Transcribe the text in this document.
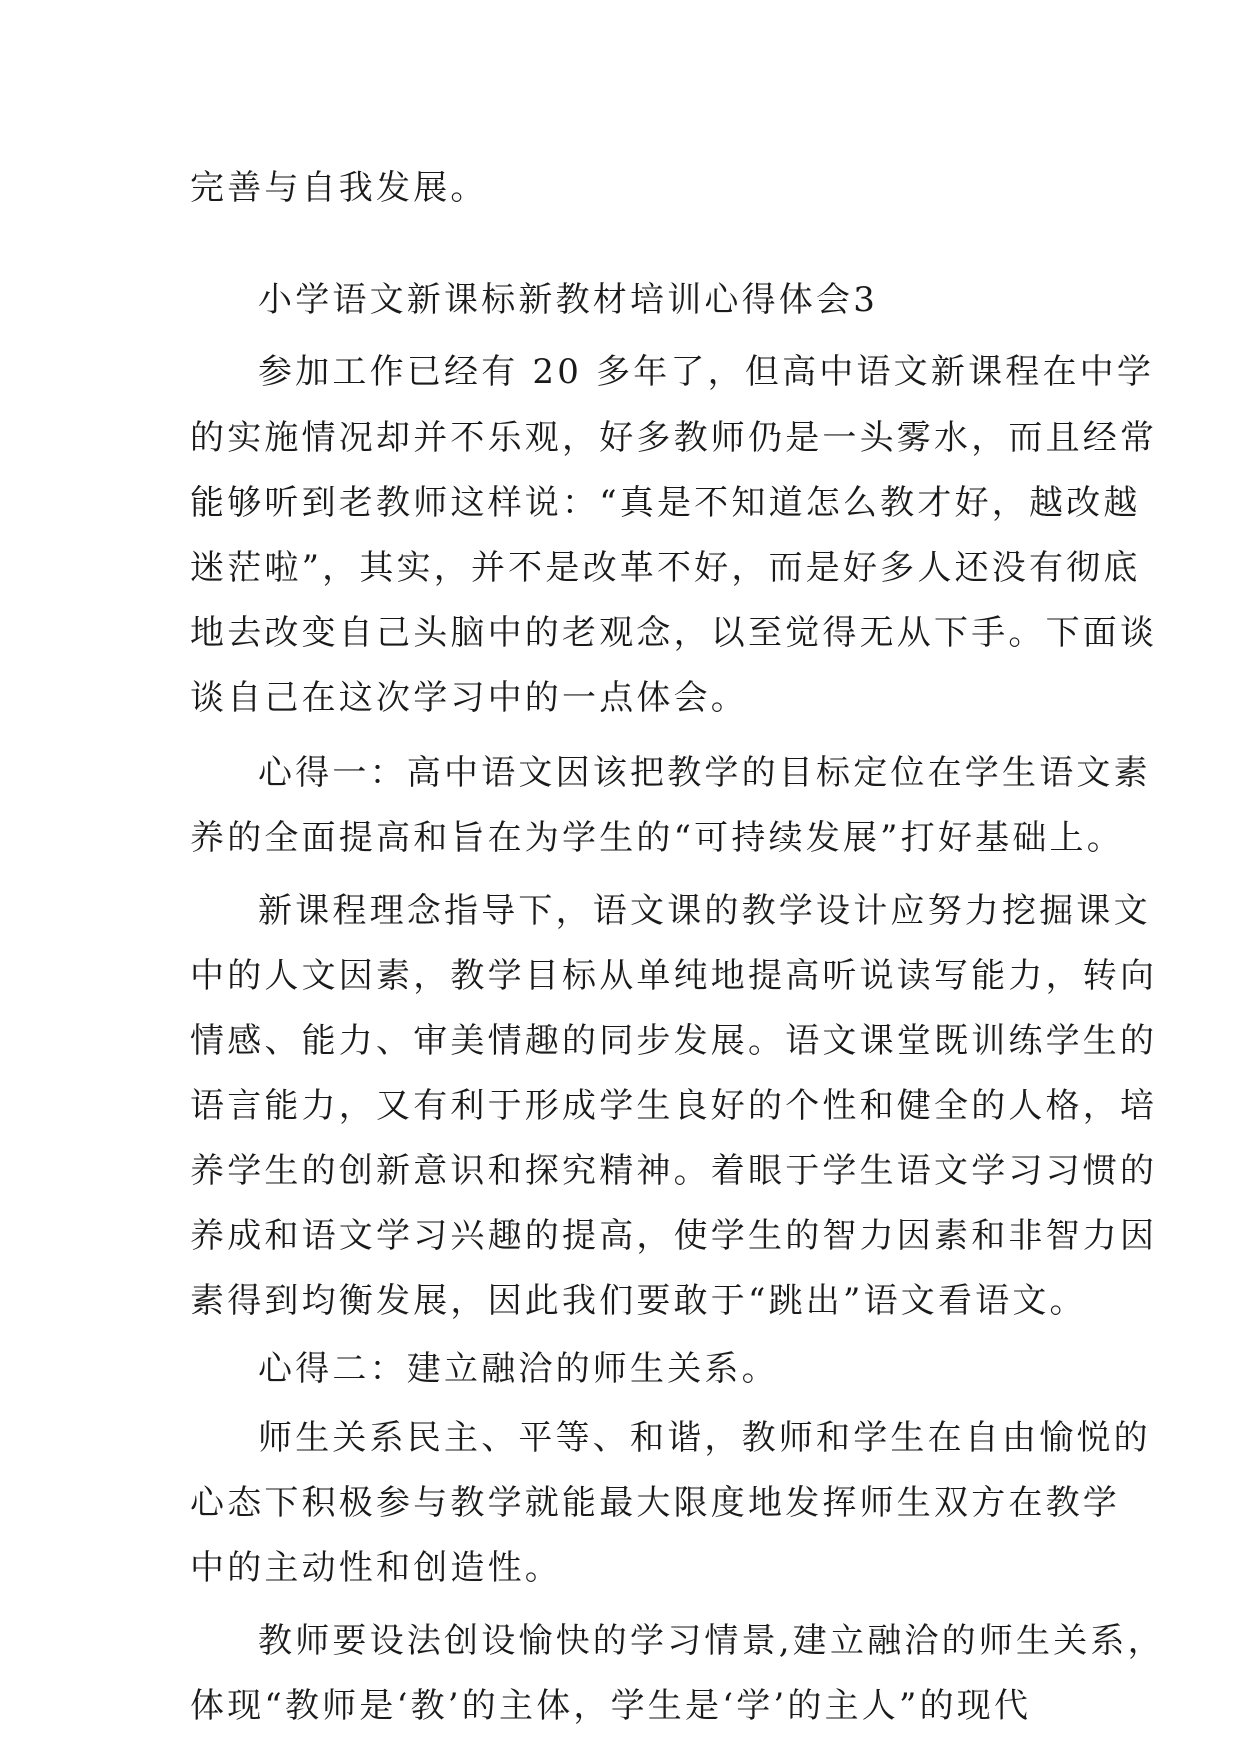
完善与自我发展。

小学语文新课标新教材培训心得体会3

参加工作已经有 20 多年了，但高中语文新课程在中学

的实施情况却并不乐观，好多教师仍是一头雾水，而且经常

能够听到老教师这样说：“真是不知道怎么教才好，越改越

迷茫啦”，其实，并不是改革不好，而是好多人还没有彻底

地去改变自己头脑中的老观念，以至觉得无从下手。下面谈

谈自己在这次学习中的一点体会。

心得一：高中语文因该把教学的目标定位在学生语文素

养的全面提高和旨在为学生的“可持续发展”打好基础上。

新课程理念指导下，语文课的教学设计应努力挖掘课文

中的人文因素，教学目标从单纯地提高听说读写能力，转向

情感、能力、审美情趣的同步发展。语文课堂既训练学生的

语言能力，又有利于形成学生良好的个性和健全的人格，培

养学生的创新意识和探究精神。着眼于学生语文学习习惯的

养成和语文学习兴趣的提高，使学生的智力因素和非智力因

素得到均衡发展，因此我们要敢于“跳出”语文看语文。

心得二：建立融洽的师生关系。

师生关系民主、平等、和谐，教师和学生在自由愉悦的

心态下积极参与教学就能最大限度地发挥师生双方在教学

中的主动性和创造性。

教师要设法创设愉快的学习情景,建立融洽的师生关系，

体现“教师是‘教’的主体，学生是‘学’的主人”的现代
